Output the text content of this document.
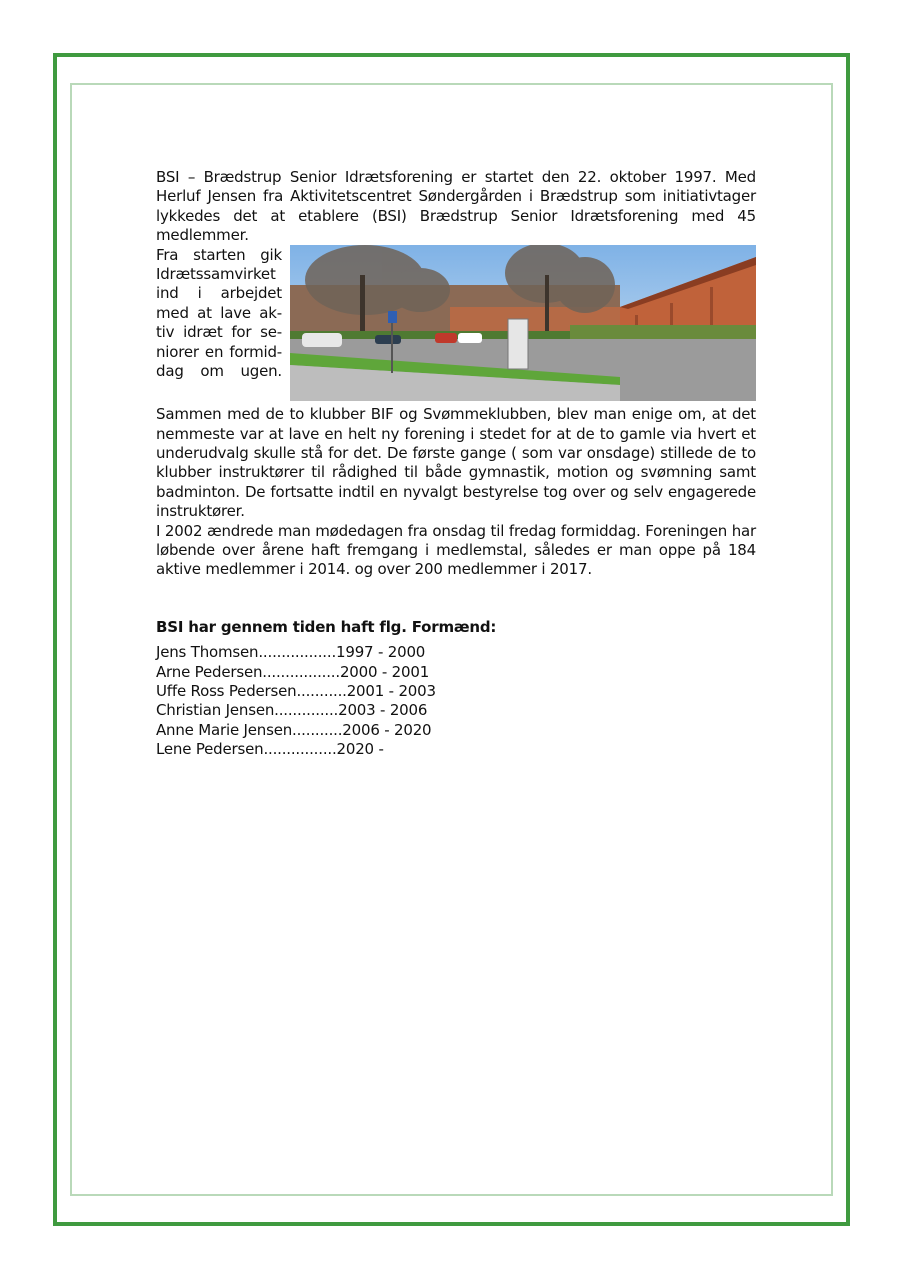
BSI – Brædstrup Senior Idrætsforening er startet den 22. oktober 1997. Med Herluf Jensen fra Aktivitetscentret Søndergården i Brædstrup som initiativtager lykkedes det at etablere (BSI) Brædstrup Senior Idrætsforening med 45 medlemmer.

Fra starten gik

Idrætssamvirket

ind i arbejdet

med at lave ak-

tiv idræt for se-

niorer en formid-

dag om ugen.

Sammen med de to klubber BIF og Svømmeklubben, blev man enige om, at det nemmeste var at lave en helt ny forening i stedet for at de to gamle via hvert et underudvalg skulle stå for det. De første gange ( som var onsdage) stillede de to klubber instruktører til rådighed til både gymnastik, motion og svømning samt badminton. De fortsatte indtil en nyvalgt bestyrelse tog over og selv engagerede instruktører.

I 2002 ændrede man mødedagen fra onsdag til fredag formiddag. Foreningen har løbende over årene haft fremgang i medlemstal, således er man oppe på 184 aktive medlemmer i 2014. og over 200 medlemmer i 2017.

BSI har gennem tiden haft flg. Formænd:

Jens Thomsen ................. 1997 - 2000
Arne Pedersen ................. 2000 - 2001
Uffe Ross Pedersen ........... 2001 - 2003
Christian Jensen .............. 2003 - 2006
Anne Marie Jensen ........... 2006 - 2020
Lene Pedersen ................ 2020 -
